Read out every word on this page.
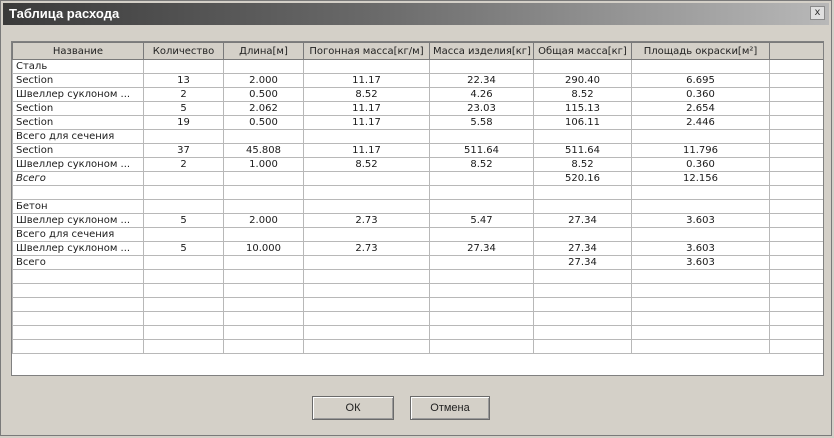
Таблица расхода	x
Название	Количество	Длина[м]	Погонная масса[кг/м]	Масса изделия[кг]	Общая масса[кг]	Площадь окраски[м²]	
Сталь							
Section	13	2.000	11.17	22.34	290.40	6.695	
Швеллер суклоном ...	2	0.500	8.52	4.26	8.52	0.360	
Section	5	2.062	11.17	23.03	115.13	2.654	
Section	19	0.500	11.17	5.58	106.11	2.446	
Всего для сечения							
Section	37	45.808	11.17	511.64	511.64	11.796	
Швеллер суклоном ...	2	1.000	8.52	8.52	8.52	0.360	
Всего					520.16	12.156	

Бетон							
Швеллер суклоном ...	5	2.000	2.73	5.47	27.34	3.603	
Всего для сечения							
Швеллер суклоном ...	5	10.000	2.73	27.34	27.34	3.603	
Всего					27.34	3.603	

ОК	Отмена
